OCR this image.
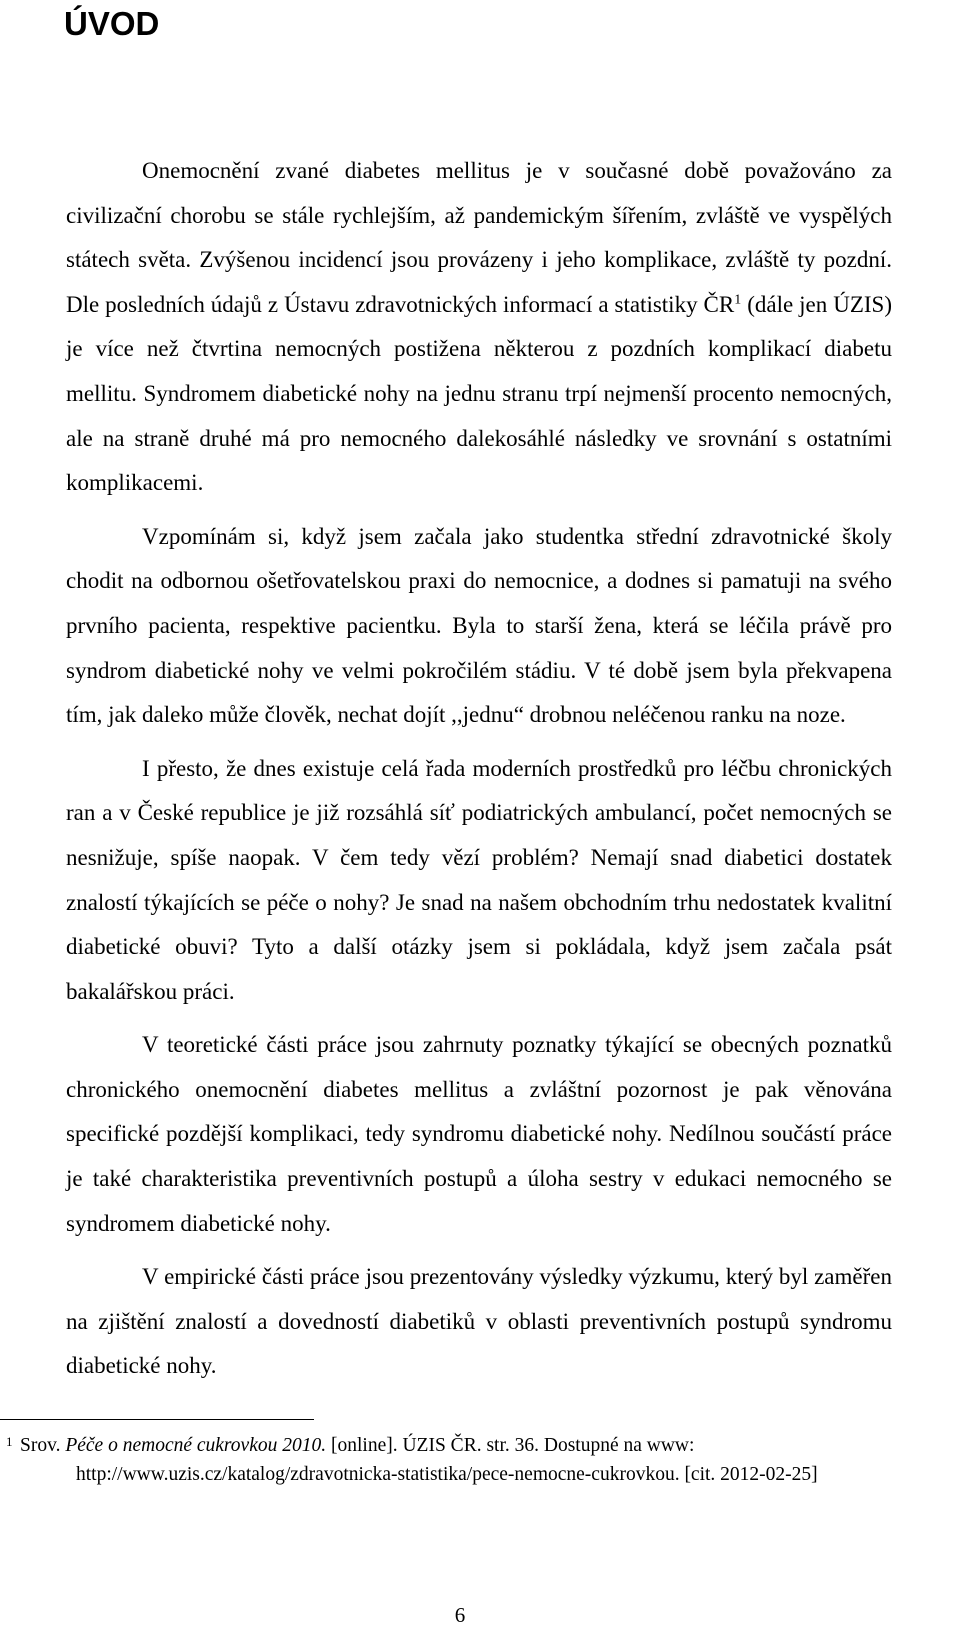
ÚVOD

Onemocnění zvané diabetes mellitus je v současné době považováno za civilizační chorobu se stále rychlejším, až pandemickým šířením, zvláště ve vyspělých státech světa. Zvýšenou incidencí jsou provázeny i jeho komplikace, zvláště ty pozdní. Dle posledních údajů z Ústavu zdravotnických informací a statistiky ČR$^1$ (dále jen ÚZIS) je více než čtvrtina nemocných postižena některou z pozdních komplikací diabetu mellitu. Syndromem diabetické nohy na jednu stranu trpí nejmenší procento nemocných, ale na straně druhé má pro nemocného dalekosáhlé následky ve srovnání s ostatními komplikacemi.

Vzpomínám si, když jsem začala jako studentka střední zdravotnické školy chodit na odbornou ošetřovatelskou praxi do nemocnice, a dodnes si pamatuji na svého prvního pacienta, respektive pacientku. Byla to starší žena, která se léčila právě pro syndrom diabetické nohy ve velmi pokročilém stádiu. V té době jsem byla překvapena tím, jak daleko může člověk, nechat dojít ,,jednu“ drobnou neléčenou ranku na noze.

I přesto, že dnes existuje celá řada moderních prostředků pro léčbu chronických ran a v České republice je již rozsáhlá síť podiatrických ambulancí, počet nemocných se nesnižuje, spíše naopak. V čem tedy vězí problém? Nemají snad diabetici dostatek znalostí týkajících se péče o nohy? Je snad na našem obchodním trhu nedostatek kvalitní diabetické obuvi? Tyto a další otázky jsem si pokládala, když jsem začala psát bakalářskou práci.

V teoretické části práce jsou zahrnuty poznatky týkající se obecných poznatků chronického onemocnění diabetes mellitus a zvláštní pozornost je pak věnována specifické pozdější komplikaci, tedy syndromu diabetické nohy. Nedílnou součástí práce je také charakteristika preventivních postupů a úloha sestry v edukaci nemocného se syndromem diabetické nohy.

V empirické části práce jsou prezentovány výsledky výzkumu, který byl zaměřen na zjištění znalostí a dovedností diabetiků v oblasti preventivních postupů syndromu diabetické nohy.

1 Srov. Péče o nemocné cukrovkou 2010. [online]. ÚZIS ČR. str. 36. Dostupné na www:
http://www.uzis.cz/katalog/zdravotnicka-statistika/pece-nemocne-cukrovkou. [cit. 2012-02-25]
6
